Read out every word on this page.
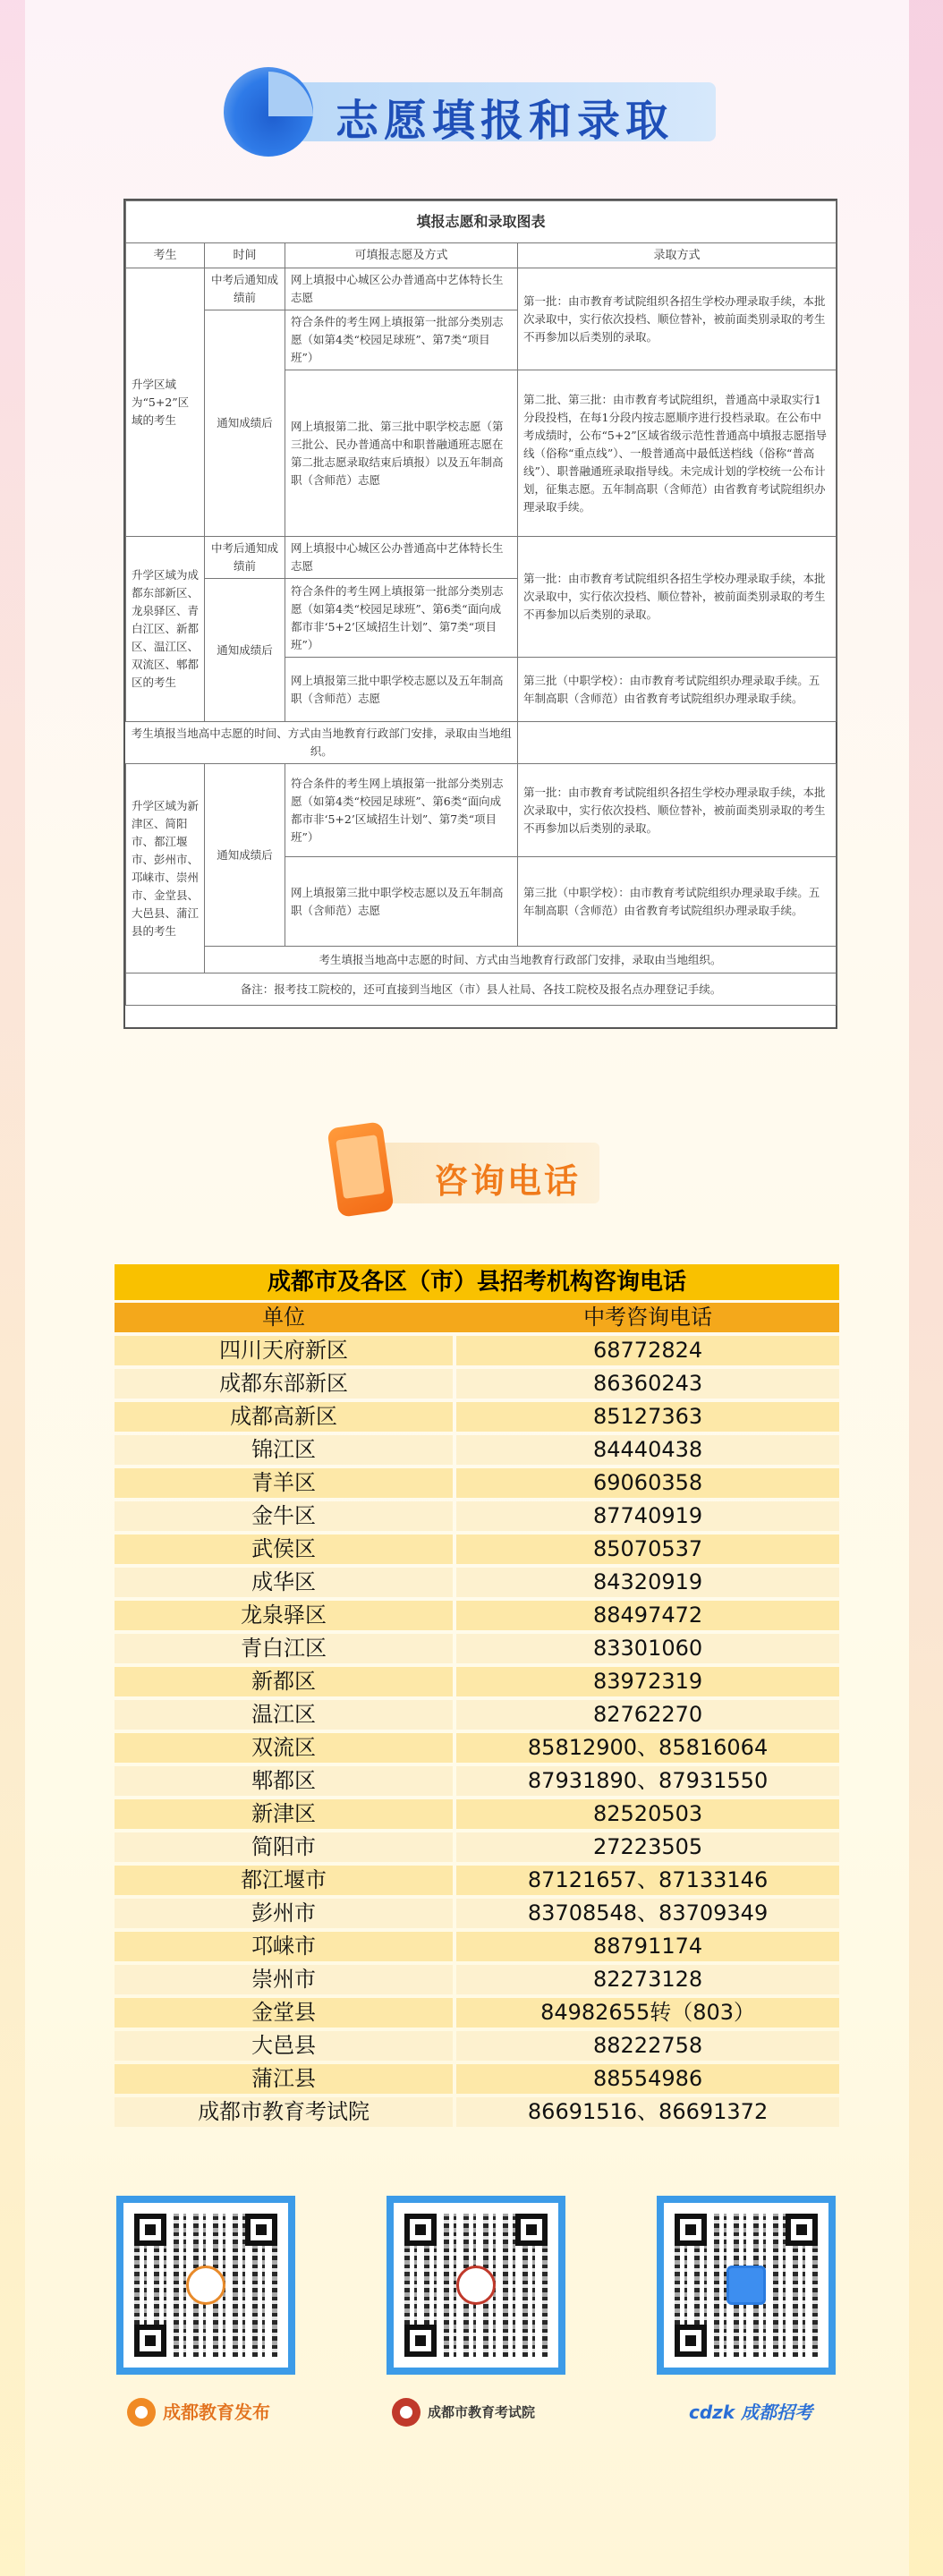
志愿填报和录取
填报志愿和录取图表			
考生	时间	可填报志愿及方式	录取方式
升学区域为“5+2”区域的考生	中考后通知成绩前	网上填报中心城区公办普通高中艺体特长生志愿	第一批：由市教育考试院组织各招生学校办理录取手续，本批次录取中，实行依次投档、顺位替补，被前面类别录取的考生不再参加以后类别的录取。
	通知成绩后	符合条件的考生网上填报第一批部分类别志愿（如第4类“校园足球班”、第7类“项目班”）	
		网上填报第二批、第三批中职学校志愿（第三批公、民办普通高中和职普融通班志愿在第二批志愿录取结束后填报）以及五年制高职（含师范）志愿	第二批、第三批：由市教育考试院组织，普通高中录取实行1分段投档，在每1分段内按志愿顺序进行投档录取。在公布中考成绩时，公布“5+2”区域省级示范性普通高中填报志愿指导线（俗称“重点线”）、一般普通高中最低送档线（俗称“普高线”）、职普融通班录取指导线。未完成计划的学校统一公布计划，征集志愿。五年制高职（含师范）由省教育考试院组织办理录取手续。
升学区域为成都东部新区、龙泉驿区、青白江区、新都区、温江区、双流区、郫都区的考生	中考后通知成绩前	网上填报中心城区公办普通高中艺体特长生志愿	第一批：由市教育考试院组织各招生学校办理录取手续，本批次录取中，实行依次投档、顺位替补，被前面类别录取的考生不再参加以后类别的录取。
	通知成绩后	符合条件的考生网上填报第一批部分类别志愿（如第4类“校园足球班”、第6类“面向成都市非‘5+2’区域招生计划”、第7类“项目班”）	
		网上填报第三批中职学校志愿以及五年制高职（含师范）志愿	第三批（中职学校）：由市教育考试院组织办理录取手续。五年制高职（含师范）由省教育考试院组织办理录取手续。
考生填报当地高中志愿的时间、方式由当地教育行政部门安排，录取由当地组织。		
升学区域为新津区、简阳市、都江堰市、彭州市、邛崃市、崇州市、金堂县、大邑县、蒲江县的考生	通知成绩后	符合条件的考生网上填报第一批部分类别志愿（如第4类“校园足球班”、第6类“面向成都市非‘5+2’区域招生计划”、第7类“项目班”）	第一批：由市教育考试院组织各招生学校办理录取手续，本批次录取中，实行依次投档、顺位替补，被前面类别录取的考生不再参加以后类别的录取。
		网上填报第三批中职学校志愿以及五年制高职（含师范）志愿	第三批（中职学校）：由市教育考试院组织办理录取手续。五年制高职（含师范）由省教育考试院组织办理录取手续。
	考生填报当地高中志愿的时间、方式由当地教育行政部门安排，录取由当地组织。		
备注：报考技工院校的，还可直接到当地区（市）县人社局、各技工院校及报名点办理登记手续。			
咨询电话
成都市及各区（市）县招考机构咨询电话
单位	中考咨询电话
四川天府新区	68772824
成都东部新区	86360243
成都高新区	85127363
锦江区	84440438
青羊区	69060358
金牛区	87740919
武侯区	85070537
成华区	84320919
龙泉驿区	88497472
青白江区	83301060
新都区	83972319
温江区	82762270
双流区	85812900、85816064
郫都区	87931890、87931550
新津区	82520503
简阳市	27223505
都江堰市	87121657、87133146
彭州市	83708548、83709349
邛崃市	88791174
崇州市	82273128
金堂县	84982655转（803）
大邑县	88222758
蒲江县	88554986
成都市教育考试院	86691516、86691372
成都教育发布	成都市教育考试院	cdzk 成都招考
